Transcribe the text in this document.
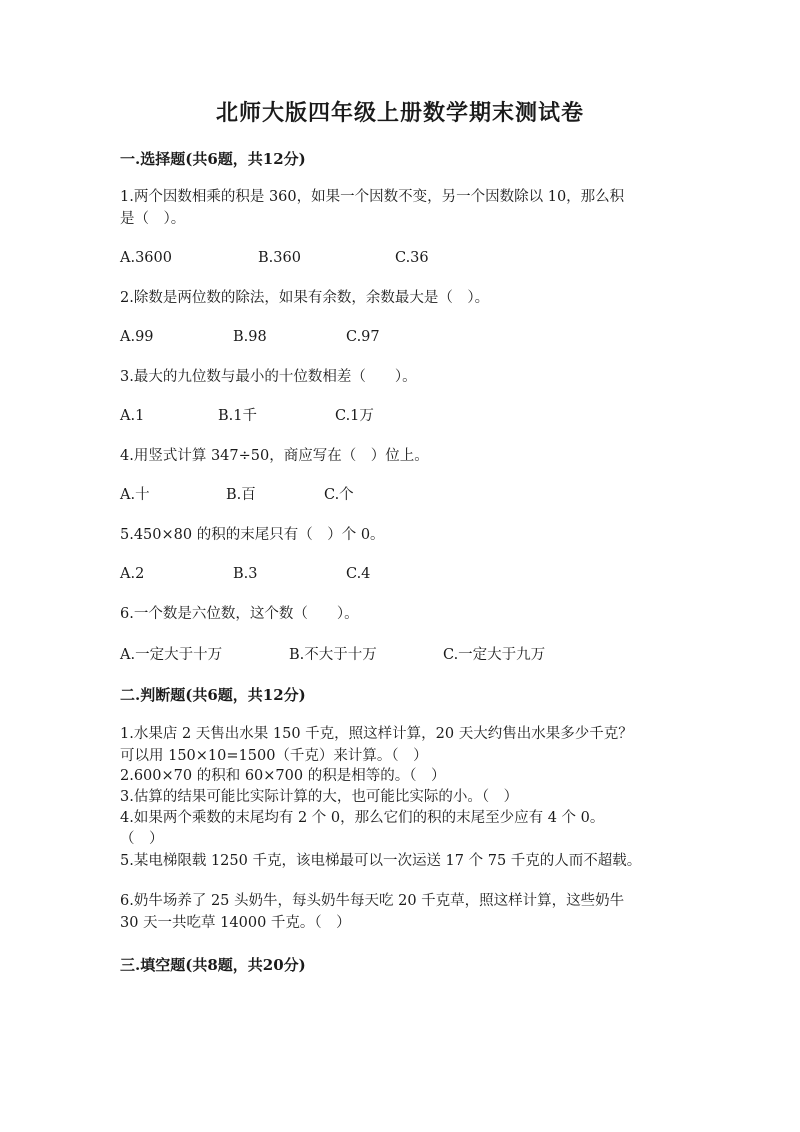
北师大版四年级上册数学期末测试卷
一.选择题(共6题，共12分)
1.两个因数相乘的积是 360，如果一个因数不变，另一个因数除以 10，那么积
是（　）。
A.3600	B.360	C.36
2.除数是两位数的除法，如果有余数，余数最大是（　）。
A.99	B.98	C.97
3.最大的九位数与最小的十位数相差（　　）。
A.1	B.1千	C.1万
4.用竖式计算 347÷50，商应写在（　）位上。
A.十	B.百	C.个
5.450×80 的积的末尾只有（　）个 0。
A.2	B.3	C.4
6.一个数是六位数，这个数（　　）。
A.一定大于十万	B.不大于十万	C.一定大于九万
二.判断题(共6题，共12分)
1.水果店 2 天售出水果 150 千克，照这样计算，20 天大约售出水果多少千克？
可以用 150×10=1500（千克）来计算。（　）
2.600×70 的积和 60×700 的积是相等的。（　）
3.估算的结果可能比实际计算的大，也可能比实际的小。（　）
4.如果两个乘数的末尾均有 2 个 0，那么它们的积的末尾至少应有 4 个 0。
（　）
5.某电梯限载 1250 千克，该电梯最可以一次运送 17 个 75 千克的人而不超载。
6.奶牛场养了 25 头奶牛，每头奶牛每天吃 20 千克草，照这样计算，这些奶牛
30 天一共吃草 14000 千克。（　）
三.填空题(共8题，共20分)
